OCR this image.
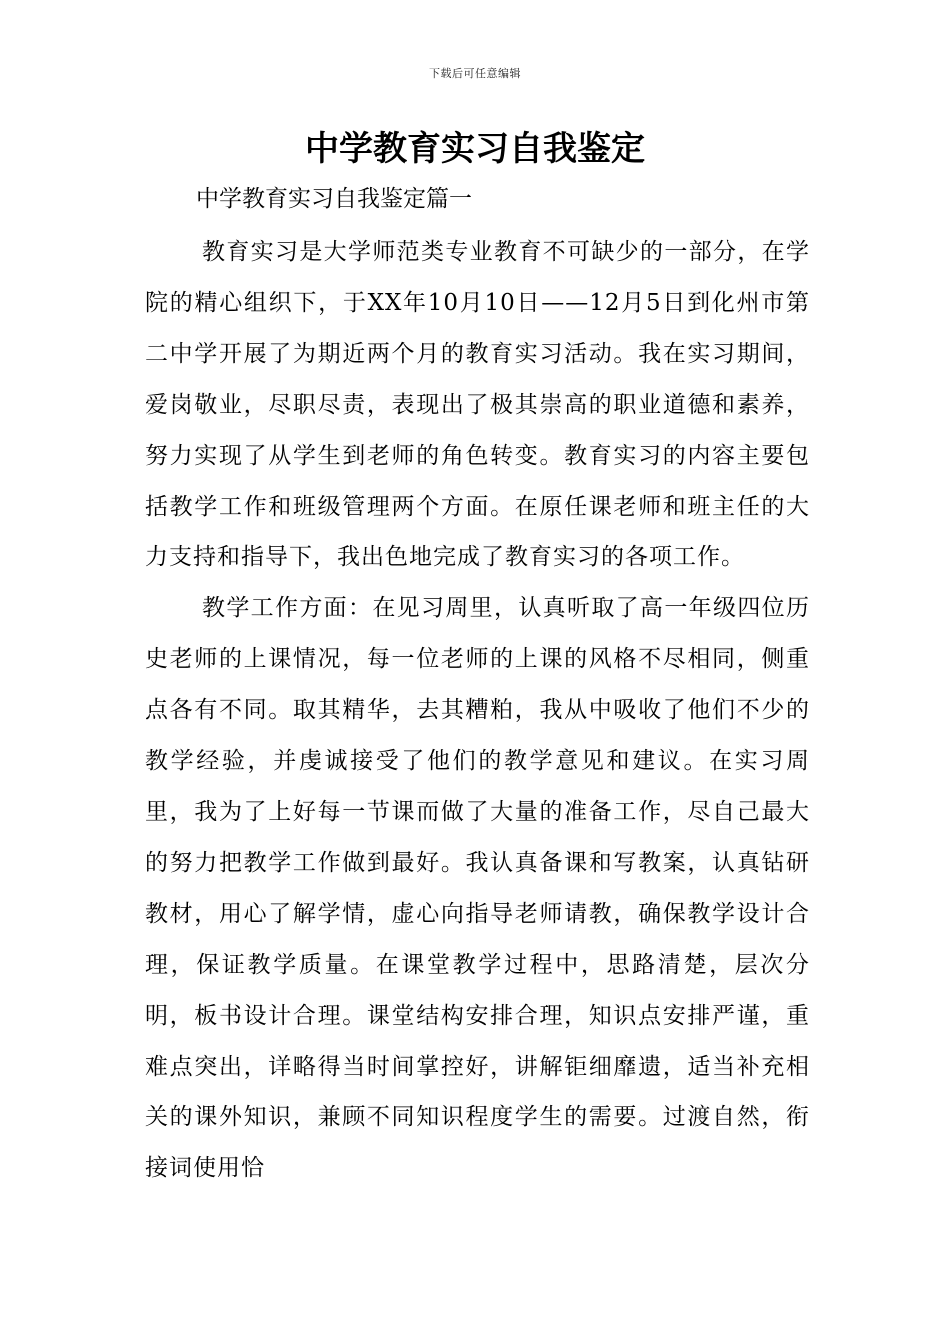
下载后可任意编辑
中学教育实习自我鉴定

中学教育实习自我鉴定篇一

教育实习是大学师范类专业教育不可缺少的一部分，在学院的精心组织下，于XX年10月10日——12月5日到化州市第二中学开展了为期近两个月的教育实习活动。我在实习期间，爱岗敬业，尽职尽责，表现出了极其崇高的职业道德和素养，努力实现了从学生到老师的角色转变。教育实习的内容主要包括教学工作和班级管理两个方面。在原任课老师和班主任的大力支持和指导下，我出色地完成了教育实习的各项工作。

教学工作方面：在见习周里，认真听取了高一年级四位历史老师的上课情况，每一位老师的上课的风格不尽相同，侧重点各有不同。取其精华，去其糟粕，我从中吸收了他们不少的教学经验，并虔诚接受了他们的教学意见和建议。在实习周里，我为了上好每一节课而做了大量的准备工作，尽自己最大的努力把教学工作做到最好。我认真备课和写教案，认真钻研教材，用心了解学情，虚心向指导老师请教，确保教学设计合理，保证教学质量。在课堂教学过程中，思路清楚，层次分明，板书设计合理。课堂结构安排合理，知识点安排严谨，重难点突出，详略得当时间掌控好，讲解钜细靡遗，适当补充相关的课外知识，兼顾不同知识程度学生的需要。过渡自然，衔接词使用恰
